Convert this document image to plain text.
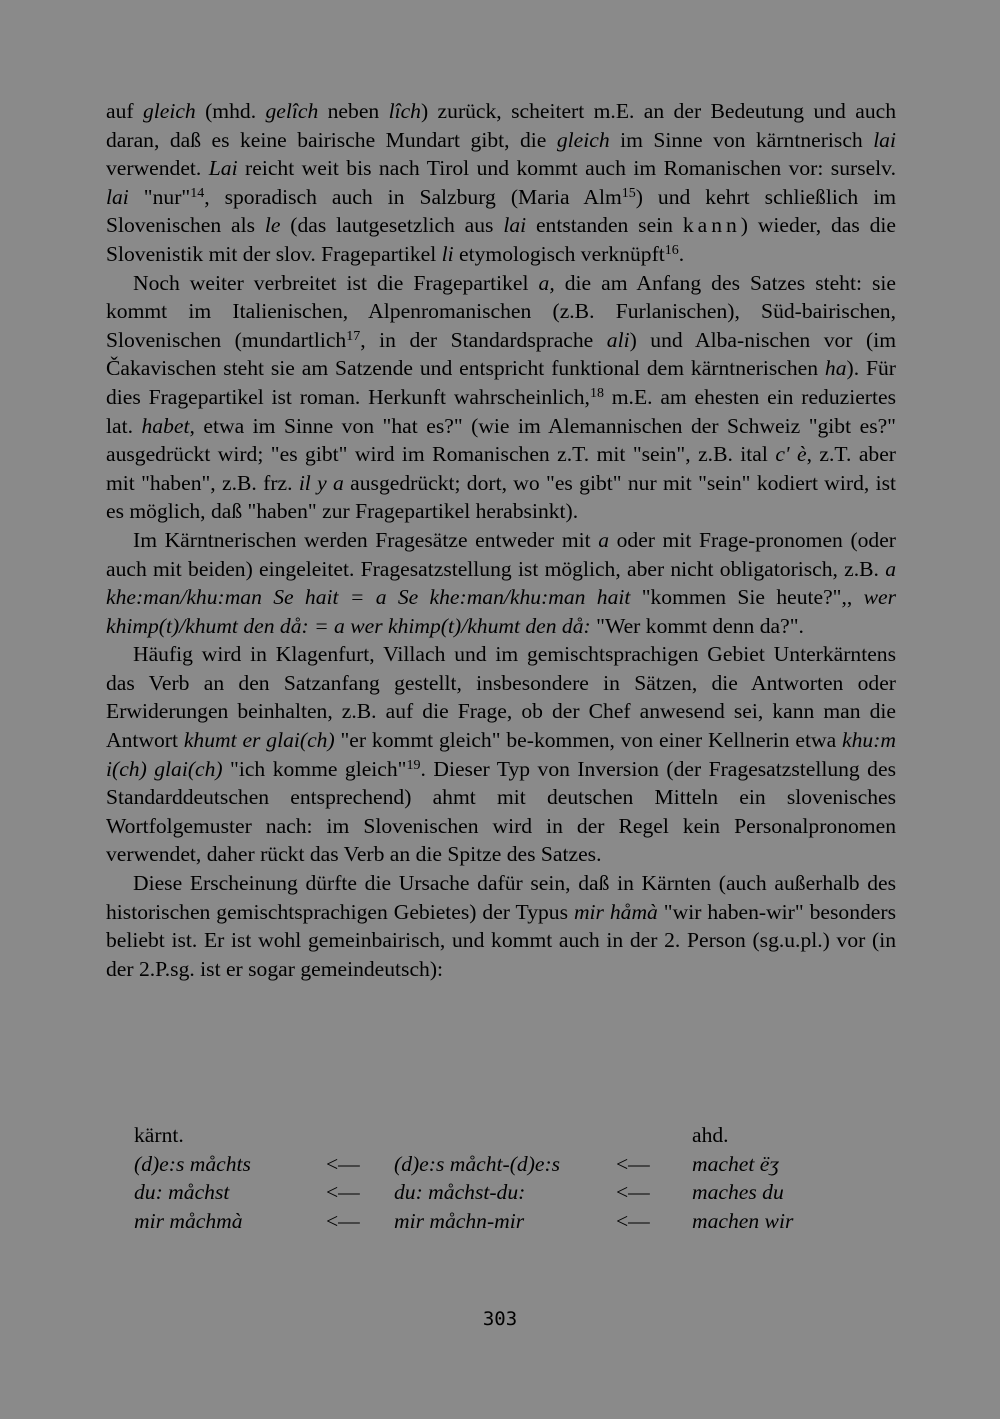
auf gleich (mhd. gelîch neben lîch) zurück, scheitert m.E. an der Bedeutung und auch daran, daß es keine bairische Mundart gibt, die gleich im Sinne von kärntnerisch lai verwendet. Lai reicht weit bis nach Tirol und kommt auch im Romanischen vor: surselv. lai "nur"$^{14}$, sporadisch auch in Salzburg (Maria Alm$^{15}$) und kehrt schließlich im Slovenischen als le (das lautgesetzlich aus lai entstanden sein kann) wieder, das die Slovenistik mit der slov. Fragepartikel li etymologisch verknüpft$^{16}$.

Noch weiter verbreitet ist die Fragepartikel a, die am Anfang des Satzes steht: sie kommt im Italienischen, Alpenromanischen (z.B. Furlanischen), Süd-bairischen, Slovenischen (mundartlich$^{17}$, in der Standardsprache ali) und Alba-nischen vor (im Čakavischen steht sie am Satzende und entspricht funktional dem kärntnerischen ha). Für dies Fragepartikel ist roman. Herkunft wahrscheinlich,$^{18}$ m.E. am ehesten ein reduziertes lat. habet, etwa im Sinne von "hat es?" (wie im Alemannischen der Schweiz "gibt es?" ausgedrückt wird; "es gibt" wird im Romanischen z.T. mit "sein", z.B. ital c' è, z.T. aber mit "haben", z.B. frz. il y a ausgedrückt; dort, wo "es gibt" nur mit "sein" kodiert wird, ist es möglich, daß "haben" zur Fragepartikel herabsinkt).

Im Kärntnerischen werden Fragesätze entweder mit a oder mit Frage-pronomen (oder auch mit beiden) eingeleitet. Fragesatzstellung ist möglich, aber nicht obligatorisch, z.B. a khe:man/khu:man Se hait = a Se khe:man/khu:man hait "kommen Sie heute?",, wer khimp(t)/khumt den då: = a wer khimp(t)/khumt den då: "Wer kommt denn da?".

Häufig wird in Klagenfurt, Villach und im gemischtsprachigen Gebiet Unterkärntens das Verb an den Satzanfang gestellt, insbesondere in Sätzen, die Antworten oder Erwiderungen beinhalten, z.B. auf die Frage, ob der Chef anwesend sei, kann man die Antwort khumt er glai(ch) "er kommt gleich" be-kommen, von einer Kellnerin etwa khu:m i(ch) glai(ch) "ich komme gleich"$^{19}$. Dieser Typ von Inversion (der Fragesatzstellung des Standarddeutschen entsprechend) ahmt mit deutschen Mitteln ein slovenisches Wortfolgemuster nach: im Slovenischen wird in der Regel kein Personalpronomen verwendet, daher rückt das Verb an die Spitze des Satzes.

Diese Erscheinung dürfte die Ursache dafür sein, daß in Kärnten (auch außerhalb des historischen gemischtsprachigen Gebietes) der Typus mir håmà "wir haben-wir" besonders beliebt ist. Er ist wohl gemeinbairisch, und kommt auch in der 2. Person (sg.u.pl.) vor (in der 2.P.sg. ist er sogar gemeindeutsch):

kärnt.	ahd.
(d)e:s måchts	<— (d)e:s måcht-(d)e:s	<— machet ëʒ
du: måchst	<— du: måchst-du:	<— maches du
mir måchmà	<— mir måchn-mir	<— machen wir
303
